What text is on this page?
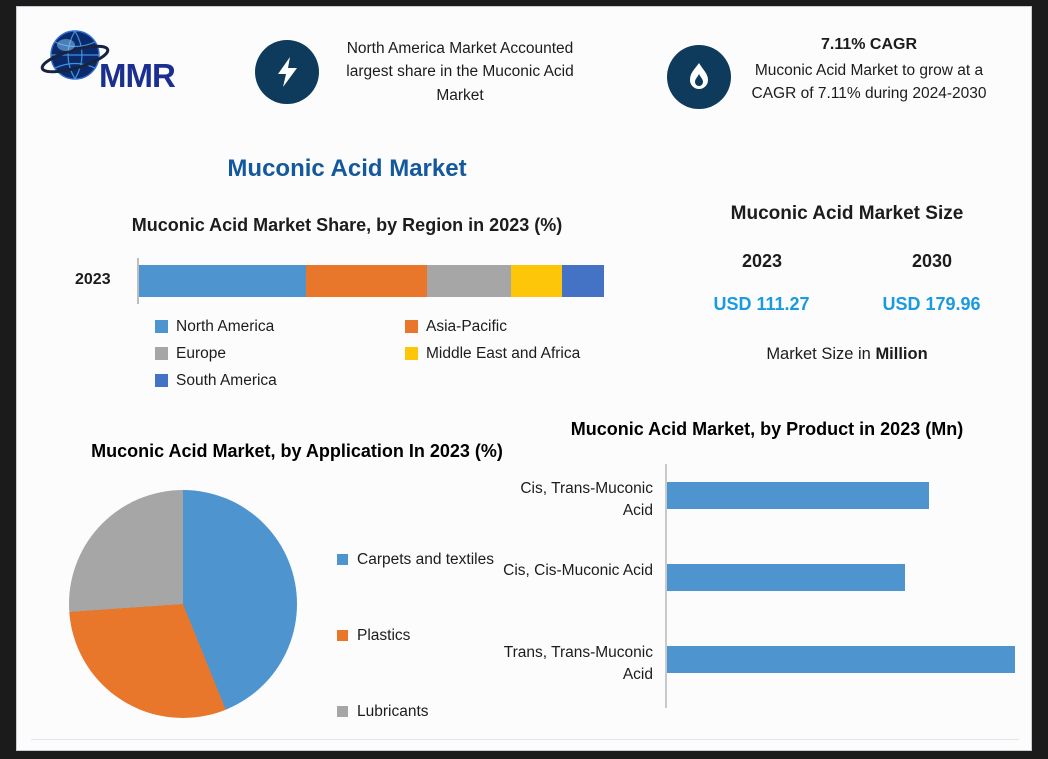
MMR
North America Market Accounted largest share in the Muconic Acid Market
7.11% CAGR
Muconic Acid Market to grow at a CAGR of 7.11% during 2024-2030
Muconic Acid Market
Muconic Acid Market Share, by Region in 2023 (%)
2023
North America	Asia-Pacific
Europe	Middle East and Africa
South America
Muconic Acid Market Size
2023	2030
USD 111.27	USD 179.96
Market Size in Million
Muconic Acid Market, by Application In 2023 (%)
Carpets and textiles
Plastics
Lubricants
Muconic Acid Market, by Product in 2023 (Mn)
Cis, Trans-Muconic Acid
Cis, Cis-Muconic Acid
Trans, Trans-Muconic Acid
